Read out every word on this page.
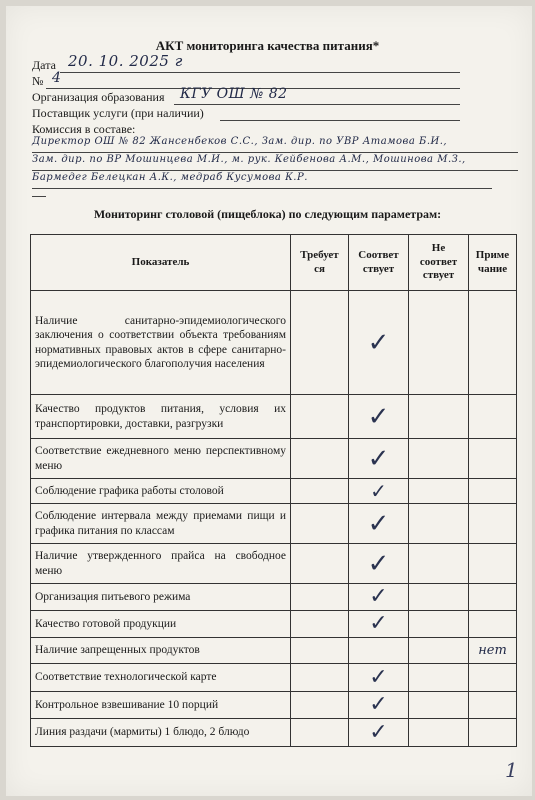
АКТ мониторинга качества питания*
Дата 20. 10. 2025 г
№ 4
Организация образования КГУ ОШ № 82
Поставщик услуги (при наличии)
Комиссия в составе:
Директор ОШ № 82 Жансенбеков С.С., Зам. дир. по УВР Атамова Б.И.,
Зам. дир. по ВР Мошинцева М.И., м. рук. Кейбенова А.М., Мошинова М.З.,
Бармедег Белецкан А.К., медраб Кусумова К.Р.
Мониторинг столовой (пищеблока) по следующим параметрам:
Показатель	Требует ся	Соответ ствует	Не соответ ствует	Приме чание
Наличие санитарно-эпидемиологического заключения о соответствии объекта требованиям нормативных правовых актов в сфере санитарно-эпидемиологического благополучия населения		✓		

Качество продуктов питания, условия их транспортировки, доставки, разгрузки		✓		

Соответствие ежедневного меню перспективному меню		✓		

Соблюдение графика работы столовой		✓		

Соблюдение интервала между приемами пищи и графика питания по классам		✓		

Наличие утвержденного прайса на свободное меню		✓		

Организация питьевого режима		✓		

Качество готовой продукции		✓		

Наличие запрещенных продуктов				нет

Соответствие технологической карте		✓		

Контрольное взвешивание 10 порций		✓		

Линия раздачи (мармиты) 1 блюдо, 2 блюдо		✓		

1
